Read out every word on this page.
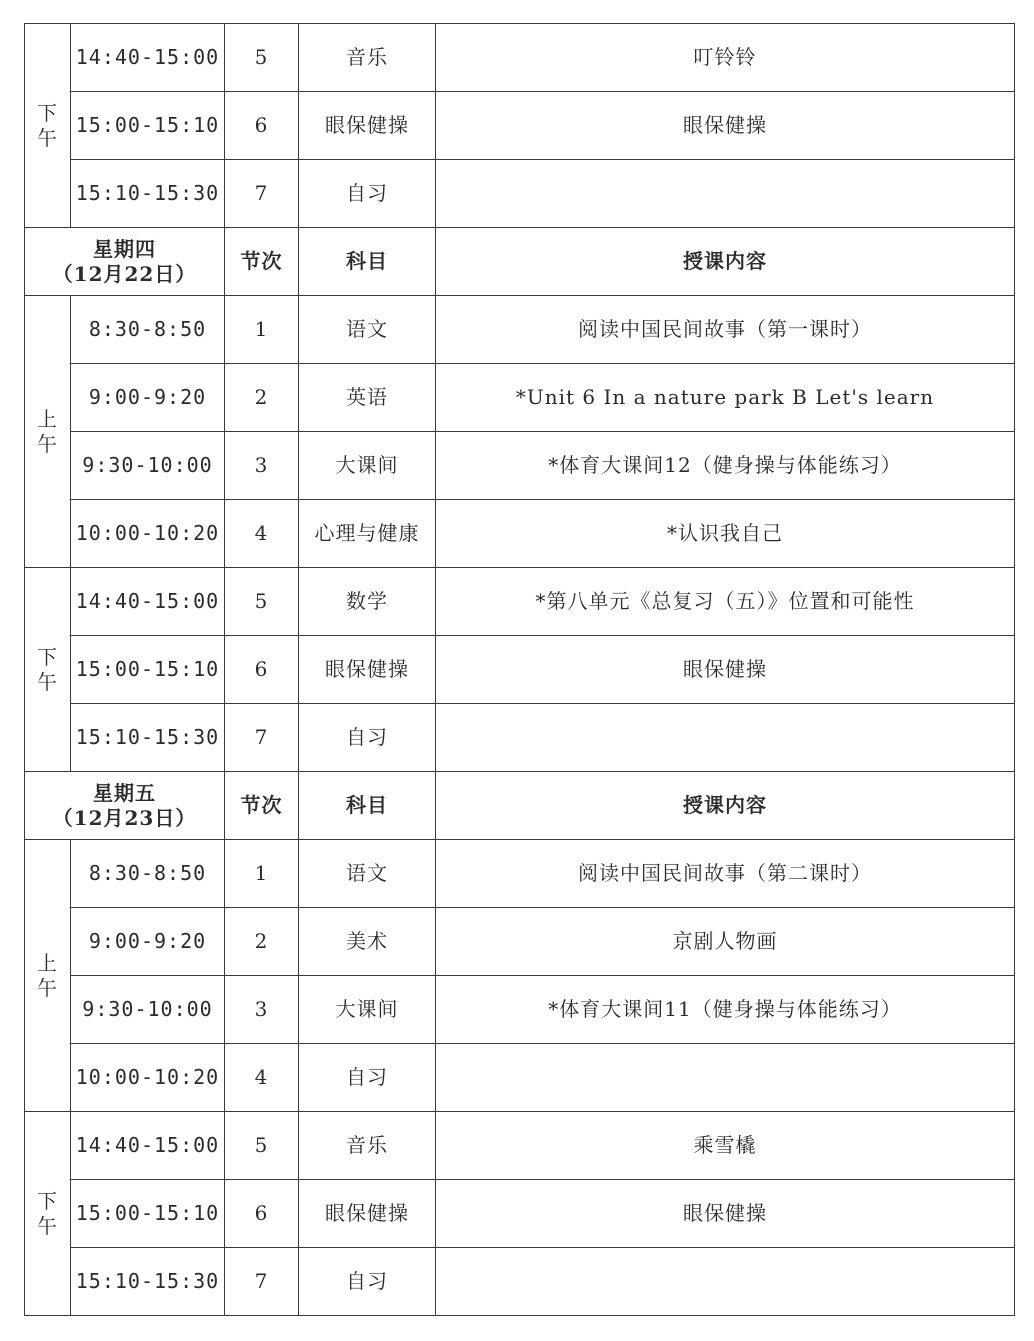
下
午	14:40-15:00	5	音乐	叮铃铃
	15:00-15:10	6	眼保健操	眼保健操
	15:10-15:30	7	自习	

星期四
（12月22日）		节次	科目	授课内容

上
午	8:30-8:50	1	语文	阅读中国民间故事（第一课时）
	9:00-9:20	2	英语	*Unit 6 In a nature park B Let's learn
	9:30-10:00	3	大课间	*体育大课间12（健身操与体能练习）
	10:00-10:20	4	心理与健康	*认识我自己

下
午	14:40-15:00	5	数学	*第八单元《总复习（五）》位置和可能性
	15:00-15:10	6	眼保健操	眼保健操
	15:10-15:30	7	自习	

星期五
（12月23日）		节次	科目	授课内容

上
午	8:30-8:50	1	语文	阅读中国民间故事（第二课时）
	9:00-9:20	2	美术	京剧人物画
	9:30-10:00	3	大课间	*体育大课间11（健身操与体能练习）
	10:00-10:20	4	自习	

下
午	14:40-15:00	5	音乐	乘雪橇
	15:00-15:10	6	眼保健操	眼保健操
	15:10-15:30	7	自习	
